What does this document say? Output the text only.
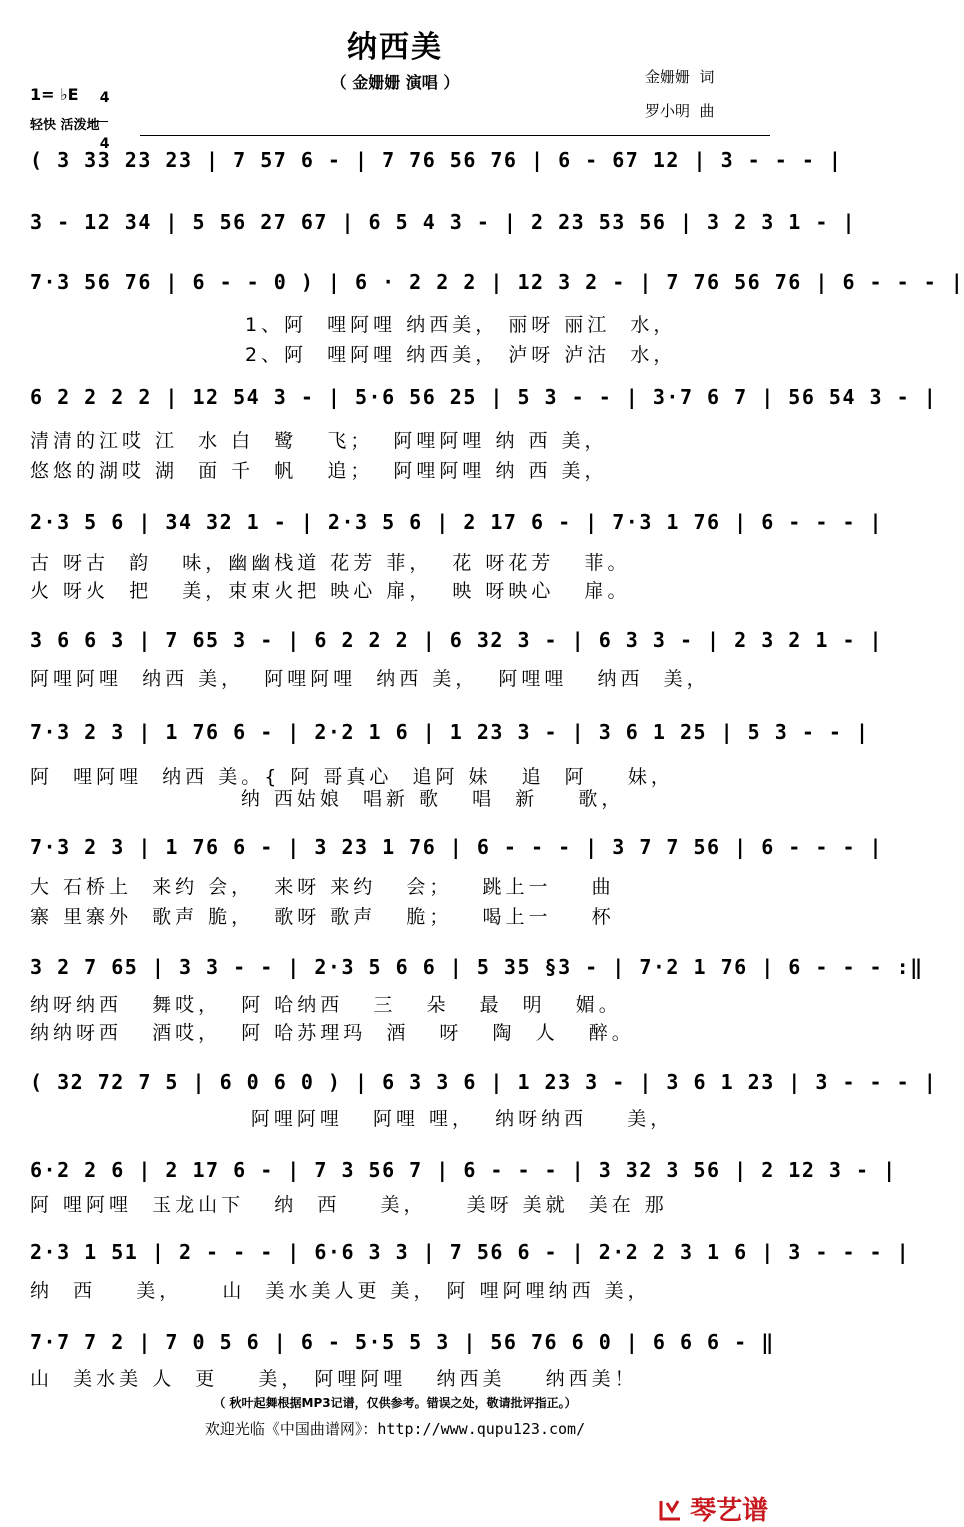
纳西美
（ 金姗姗 演唱 ）	金姗姗  词
罗小明  曲
1= ♭E	4

4

轻快 活泼地
( 3 33 23 23 | 7 57 6 - | 7 76 56 76 | 6 - 67 12 | 3 - - - |
3 - 12 34 | 5 56 27 67 | 6 5 4 3 - | 2 23 53 56 | 3 2 3 1 - |
7·3 56 76 | 6 - - 0 ) | 6 · 2 2 2 | 12 3 2 - | 7 76 56 76 | 6 - - - |
6 2 2 2 2 | 12 54 3 - | 5·6 56 25 | 5 3 - - | 3·7 6 7 | 56 54 3 - |
2·3 5 6 | 34 32 1 - | 2·3 5 6 | 2 17 6 - | 7·3 1 76 | 6 - - - |
3 6 6 3 | 7 65 3 - | 6 2 2 2 | 6 32 3 - | 6 3 3 - | 2 3 2 1 - |
7·3 2 3 | 1 76 6 - | 2·2 1 6 | 1 23 3 - | 3 6 1 25 | 5 3 - - |
7·3 2 3 | 1 76 6 - | 3 23 1 76 | 6 - - - | 3 7 7 56 | 6 - - - |
3 2 7 65 | 3 3 - - | 2·3 5 6 6 | 5 35 §3 - | 7·2 1 76 | 6 - - - :‖
( 32 72 7 5 | 6 0 6 0 ) | 6 3 3 6 | 1 23 3 - | 3 6 1 23 | 3 - - - |
6·2 2 6 | 2 17 6 - | 7 3 56 7 | 6 - - - | 3 32 3 56 | 2 12 3 - |
2·3 1 51 | 2 - - - | 6·6 3 3 | 7 56 6 - | 2·2 2 3 1 6 | 3 - - - |
7·7 7 2 | 7 0 5 6 | 6 - 5·5 5 3 | 56 76 6 0 | 6 6 6 - ‖
1、阿  哩阿哩 纳西美， 丽呀 丽江  水，
2、阿  哩阿哩 纳西美， 泸呀 泸沽  水，
清清的江哎 江  水 白  鹭   飞；  阿哩阿哩 纳 西 美，
悠悠的湖哎 湖  面 千  帆   追；  阿哩阿哩 纳 西 美，
古 呀古  韵   味，幽幽栈道 花芳 菲，  花 呀花芳   菲。
火 呀火  把   美，束束火把 映心 扉，  映 呀映心   扉。
阿哩阿哩  纳西 美，  阿哩阿哩  纳西 美，  阿哩哩   纳西  美，
阿  哩阿哩  纳西 美。{ 阿 哥真心  追阿 妹   追  阿    妹，
纳 西姑娘  唱新 歌   唱  新    歌，
大 石桥上  来约 会，  来呀 来约   会；   跳上一    曲
寨 里寨外  歌声 脆，  歌呀 歌声   脆；   喝上一    杯
纳呀纳西   舞哎，  阿 哈纳西   三   朵   最  明   媚。
纳纳呀西   酒哎，  阿 哈苏理玛  酒   呀   陶  人   醉。
阿哩阿哩   阿哩 哩，  纳呀纳西    美，
阿 哩阿哩  玉龙山下   纳  西    美，    美呀 美就  美在 那
纳  西    美，    山  美水美人更 美， 阿 哩阿哩纳西 美，
山  美水美 人  更    美， 阿哩阿哩   纳西美    纳西美！
（ 秋叶起舞根据MP3记谱，仅供参考。错误之处，敬请批评指正。）
欢迎光临《中国曲谱网》：http://www.qupu123.com/

琴艺谱
